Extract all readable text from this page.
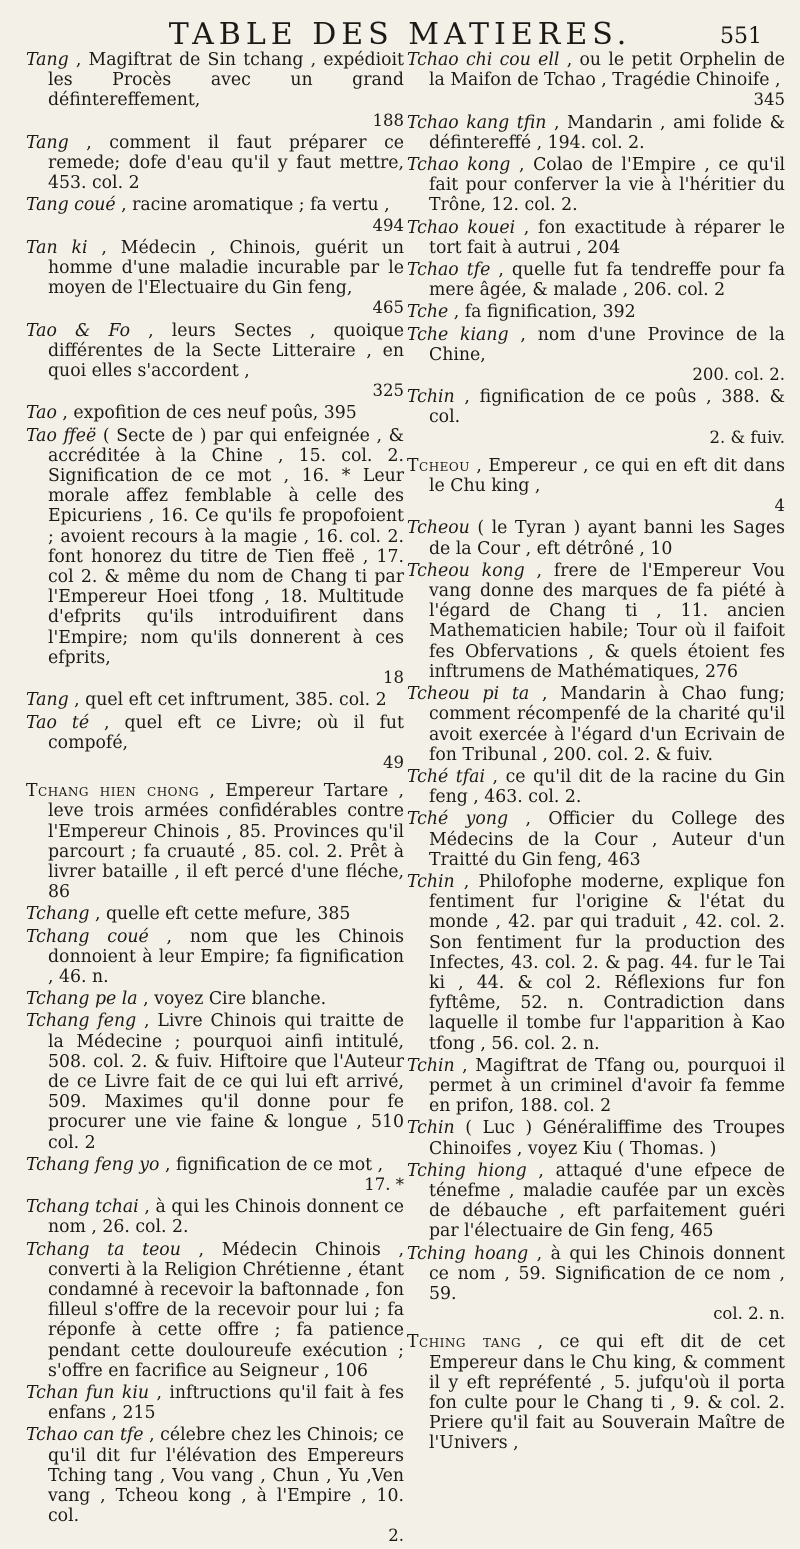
TABLE DES MATIERES.	551
Tang , Magiftrat de Sin tchang , expédioit les Procès avec un grand défintereffement,
188
Tang , comment il faut préparer ce remede; dofe d'eau qu'il y faut mettre, 453. col. 2
Tang coué , racine aromatique ; fa vertu ,
494
Tan ki , Médecin , Chinois, guérit un homme d'une maladie incurable par le moyen de l'Electuaire du Gin feng,
465
Tao & Fo , leurs Sectes , quoique différentes de la Secte Litteraire , en quoi elles s'accordent ,
325
Tao , expofition de ces neuf poûs, 395
Tao ffeë ( Secte de ) par qui enfeignée , & accréditée à la Chine , 15. col. 2. Signification de ce mot , 16. * Leur morale affez femblable à celle des Epicuriens , 16. Ce qu'ils fe propofoient ; avoient recours à la magie , 16. col. 2. font honorez du titre de Tien ffeë , 17. col 2. & même du nom de Chang ti par l'Empereur Hoei tfong , 18. Multitude d'efprits qu'ils introduifirent dans l'Empire; nom qu'ils donnerent à ces efprits,
18
Tang , quel eft cet inftrument, 385. col. 2
Tao té , quel eft ce Livre; où il fut compofé,
49
Tchang hien chong , Empereur Tartare , leve trois armées confidérables contre l'Empereur Chinois , 85. Provinces qu'il parcourt ; fa cruauté , 85. col. 2. Prêt à livrer bataille , il eft percé d'une fléche, 86
Tchang , quelle eft cette mefure, 385
Tchang coué , nom que les Chinois donnoient à leur Empire; fa fignification , 46. n.
Tchang pe la , voyez Cire blanche.
Tchang feng , Livre Chinois qui traitte de la Médecine ; pourquoi ainfi intitulé, 508. col. 2. & fuiv. Hiftoire que l'Auteur de ce Livre fait de ce qui lui eft arrivé, 509. Maximes qu'il donne pour fe procurer une vie faine & longue , 510 col. 2
Tchang feng yo , fignification de ce mot ,
17. *
Tchang tchai , à qui les Chinois donnent ce nom , 26. col. 2.
Tchang ta teou , Médecin Chinois , converti à la Religion Chrétienne , étant condamné à recevoir la baftonnade , fon filleul s'offre de la recevoir pour lui ; fa réponfe à cette offre ; fa patience pendant cette douloureufe exécution ; s'offre en facrifice au Seigneur , 106
Tchan fun kiu , inftructions qu'il fait à fes enfans , 215
Tchao can tfe , célebre chez les Chinois; ce qu'il dit fur l'élévation des Empereurs Tching tang , Vou vang , Chun , Yu ,Ven vang , Tcheou kong , à l'Empire , 10. col.
2.
Tchao chi cou ell , ou le petit Orphelin de la Maifon de Tchao , Tragédie Chinoife ,
345
Tchao kang tfin , Mandarin , ami folide & défintereffé , 194. col. 2.
Tchao kong , Colao de l'Empire , ce qu'il fait pour conferver la vie à l'héritier du Trône, 12. col. 2.
Tchao kouei , fon exactitude à réparer le tort fait à autrui , 204
Tchao tfe , quelle fut fa tendreffe pour fa mere âgée, & malade , 206. col. 2
Tche , fa fignification, 392
Tche kiang , nom d'une Province de la Chine,
200. col. 2.
Tchin , fignification de ce poûs , 388. & col.
2. & fuiv.
Tcheou , Empereur , ce qui en eft dit dans le Chu king ,
4
Tcheou ( le Tyran ) ayant banni les Sages de la Cour , eft détrôné , 10
Tcheou kong , frere de l'Empereur Vou vang donne des marques de fa piété à l'égard de Chang ti , 11. ancien Mathematicien habile; Tour où il faifoit fes Obfervations , & quels étoient fes inftrumens de Mathématiques, 276
Tcheou pi ta , Mandarin à Chao fung; comment récompenfé de la charité qu'il avoit exercée à l'égard d'un Ecrivain de fon Tribunal , 200. col. 2. & fuiv.
Tché tfai , ce qu'il dit de la racine du Gin feng , 463. col. 2.
Tché yong , Officier du College des Médecins de la Cour , Auteur d'un Traitté du Gin feng, 463
Tchin , Philofophe moderne, explique fon fentiment fur l'origine & l'état du monde , 42. par qui traduit , 42. col. 2. Son fentiment fur la production des Infectes, 43. col. 2. & pag. 44. fur le Tai ki , 44. & col 2. Réflexions fur fon fyftême, 52. n. Contradiction dans laquelle il tombe fur l'apparition à Kao tfong , 56. col. 2. n.
Tchin , Magiftrat de Tfang ou, pourquoi il permet à un criminel d'avoir fa femme en prifon, 188. col. 2
Tchin ( Luc ) Généraliffime des Troupes Chinoifes , voyez Kiu ( Thomas. )
Tching hiong , attaqué d'une efpece de ténefme , maladie caufée par un excès de débauche , eft parfaitement guéri par l'électuaire de Gin feng, 465
Tching hoang , à qui les Chinois donnent ce nom , 59. Signification de ce nom , 59.
col. 2. n.
Tching tang , ce qui eft dit de cet Empereur dans le Chu king, & comment il y eft repréfenté , 5. jufqu'où il porta fon culte pour le Chang ti , 9. & col. 2. Priere qu'il fait au Souverain Maître de l'Univers ,
